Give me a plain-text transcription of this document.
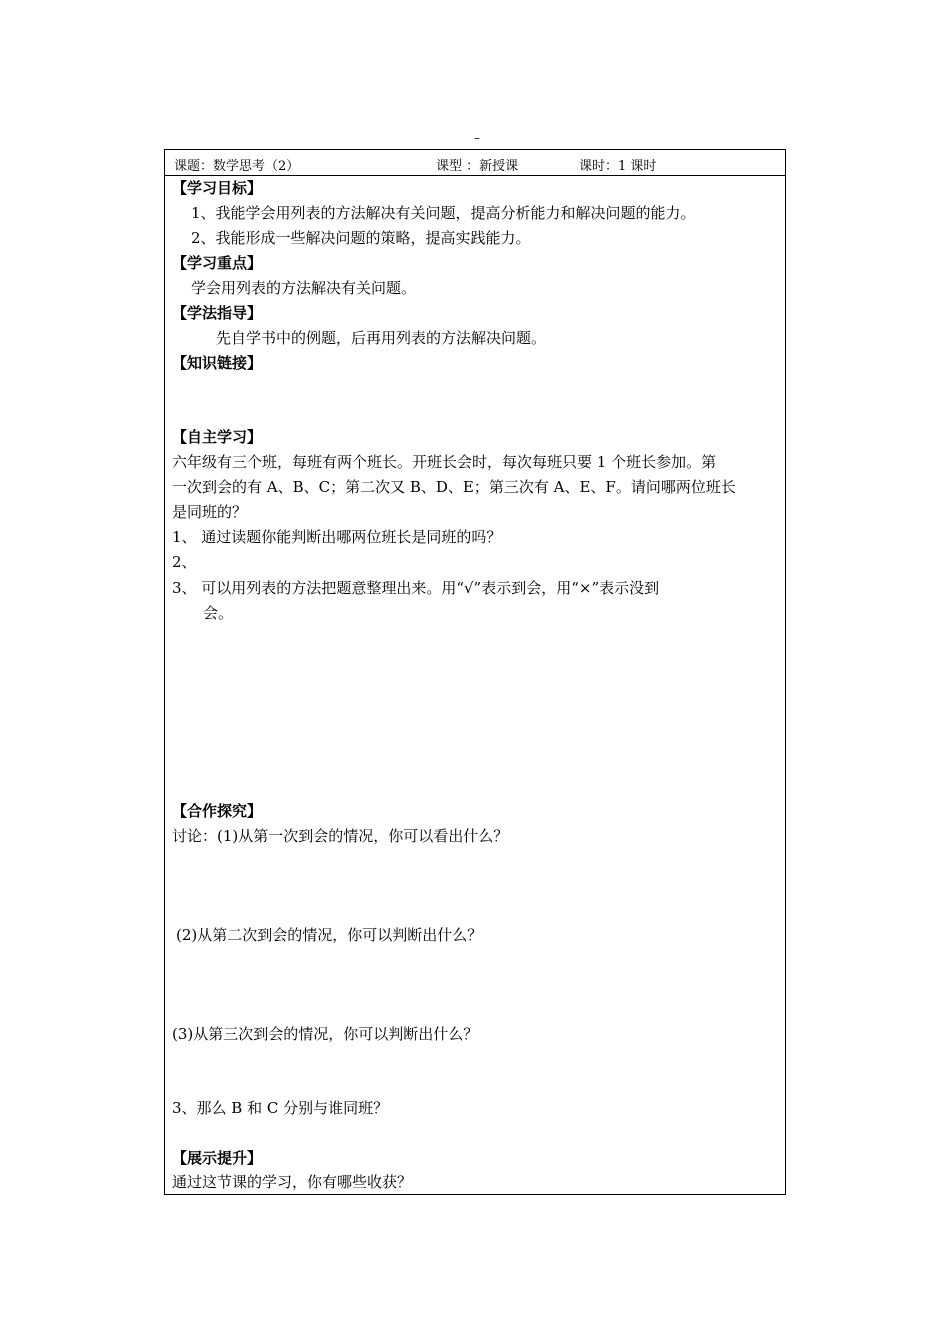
–
课题：数学思考（2）	课型 ：新授课	课时：1 课时
【学习目标】
1、我能学会用列表的方法解决有关问题，提高分析能力和解决问题的能力。
2、我能形成一些解决问题的策略，提高实践能力。
【学习重点】
学会用列表的方法解决有关问题。
【学法指导】
先自学书中的例题，后再用列表的方法解决问题。
【知识链接】
【自主学习】
六年级有三个班，每班有两个班长。开班长会时，每次每班只要 1 个班长参加。第
一次到会的有 A、B、C；第二次又 B、D、E；第三次有 A、E、F。请问哪两位班长
是同班的？
1、 通过读题你能判断出哪两位班长是同班的吗？
2、
3、 可以用列表的方法把题意整理出来。用“√”表示到会，用“×”表示没到
会。
【合作探究】
讨论：(1)从第一次到会的情况，你可以看出什么？
(2)从第二次到会的情况，你可以判断出什么？
(3)从第三次到会的情况，你可以判断出什么？
3、那么 B 和 C 分别与谁同班？
【展示提升】
通过这节课的学习，你有哪些收获？
